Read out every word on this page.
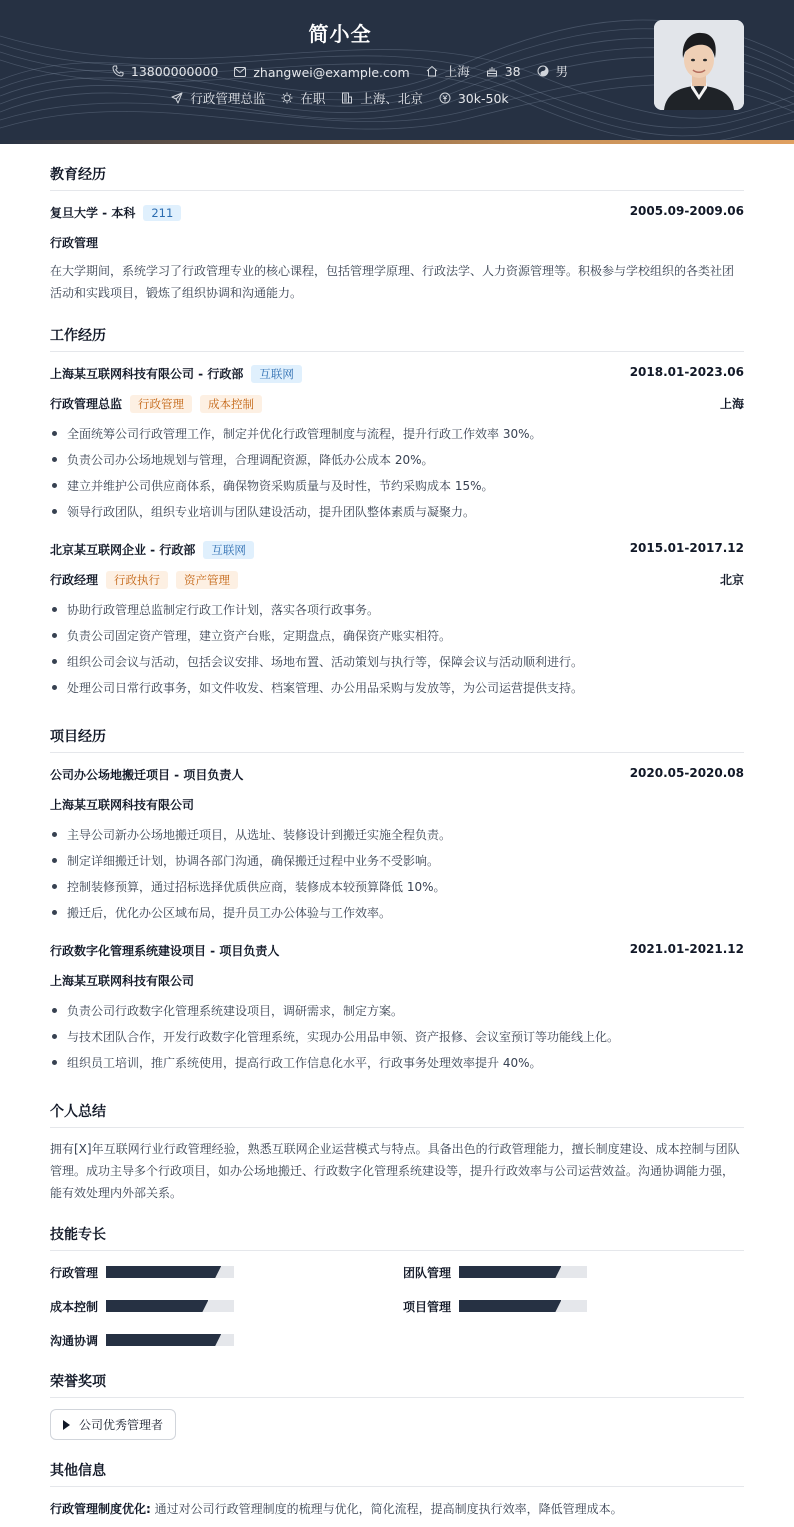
简小全
13800000000
	zhangwei@example.com
	上海
	38
	男
行政管理总监
	在职
	上海、北京
	30k-50k
教育经历
复旦大学 - 本科 211	2005.09-2009.06
行政管理
在大学期间，系统学习了行政管理专业的核心课程，包括管理学原理、行政法学、人力资源管理等。积极参与学校组织的各类社团活动和实践项目，锻炼了组织协调和沟通能力。
工作经历
上海某互联网科技有限公司 - 行政部 互联网	2018.01-2023.06
行政管理总监 行政管理 成本控制	上海
全面统筹公司行政管理工作，制定并优化行政管理制度与流程，提升行政工作效率 30%。
负责公司办公场地规划与管理，合理调配资源，降低办公成本 20%。
建立并维护公司供应商体系，确保物资采购质量与及时性，节约采购成本 15%。
领导行政团队，组织专业培训与团队建设活动，提升团队整体素质与凝聚力。
北京某互联网企业 - 行政部 互联网	2015.01-2017.12
行政经理 行政执行 资产管理	北京
协助行政管理总监制定行政工作计划，落实各项行政事务。
负责公司固定资产管理，建立资产台账，定期盘点，确保资产账实相符。
组织公司会议与活动，包括会议安排、场地布置、活动策划与执行等，保障会议与活动顺利进行。
处理公司日常行政事务，如文件收发、档案管理、办公用品采购与发放等，为公司运营提供支持。
项目经历
公司办公场地搬迁项目 - 项目负责人	2020.05-2020.08
上海某互联网科技有限公司
主导公司新办公场地搬迁项目，从选址、装修设计到搬迁实施全程负责。
制定详细搬迁计划，协调各部门沟通，确保搬迁过程中业务不受影响。
控制装修预算，通过招标选择优质供应商，装修成本较预算降低 10%。
搬迁后，优化办公区域布局，提升员工办公体验与工作效率。
行政数字化管理系统建设项目 - 项目负责人	2021.01-2021.12
上海某互联网科技有限公司
负责公司行政数字化管理系统建设项目，调研需求，制定方案。
与技术团队合作，开发行政数字化管理系统，实现办公用品申领、资产报修、会议室预订等功能线上化。
组织员工培训，推广系统使用，提高行政工作信息化水平，行政事务处理效率提升 40%。
个人总结
拥有[X]年互联网行业行政管理经验，熟悉互联网企业运营模式与特点。具备出色的行政管理能力，擅长制度建设、成本控制与团队管理。成功主导多个行政项目，如办公场地搬迁、行政数字化管理系统建设等，提升行政效率与公司运营效益。沟通协调能力强，能有效处理内外部关系。
技能专长
行政管理	团队管理
成本控制	项目管理
沟通协调
荣誉奖项
公司优秀管理者
其他信息
行政管理制度优化: 通过对公司行政管理制度的梳理与优化，简化流程，提高制度执行效率，降低管理成本。
